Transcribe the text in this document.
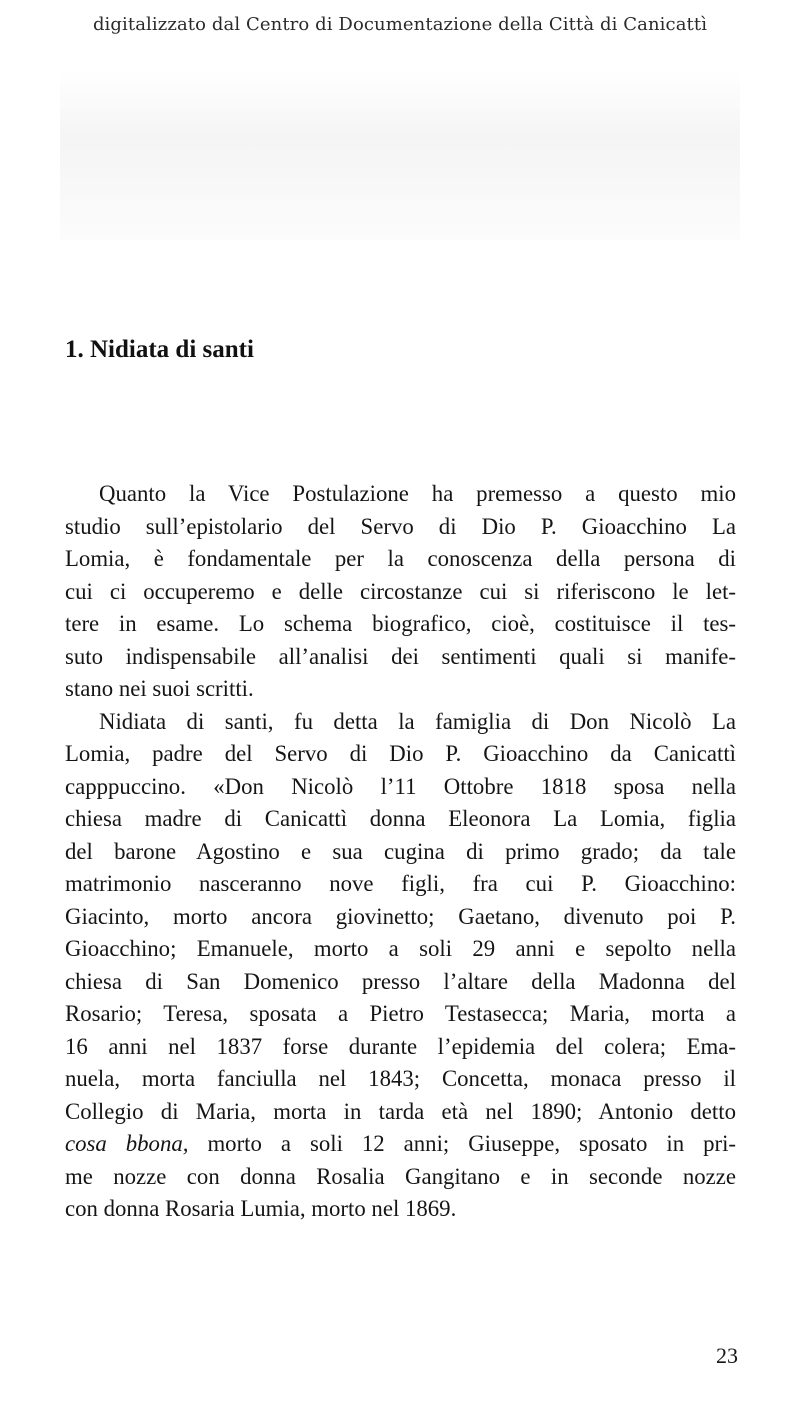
digitalizzato dal Centro di Documentazione della Città di Canicattì
1. Nidiata di santi
Quanto la Vice Postulazione ha premesso a questo mio
studio sull’epistolario del Servo di Dio P. Gioacchino La
Lomia, è fondamentale per la conoscenza della persona di
cui ci occuperemo e delle circostanze cui si riferiscono le let-
tere in esame. Lo schema biografico, cioè, costituisce il tes-
suto indispensabile all’analisi dei sentimenti quali si manife-
stano nei suoi scritti.
Nidiata di santi, fu detta la famiglia di Don Nicolò La
Lomia, padre del Servo di Dio P. Gioacchino da Canicattì
capppuccino. «Don Nicolò l’11 Ottobre 1818 sposa nella
chiesa madre di Canicattì donna Eleonora La Lomia, figlia
del barone Agostino e sua cugina di primo grado; da tale
matrimonio nasceranno nove figli, fra cui P. Gioacchino:
Giacinto, morto ancora giovinetto; Gaetano, divenuto poi P.
Gioacchino; Emanuele, morto a soli 29 anni e sepolto nella
chiesa di San Domenico presso l’altare della Madonna del
Rosario; Teresa, sposata a Pietro Testasecca; Maria, morta a
16 anni nel 1837 forse durante l’epidemia del colera; Ema-
nuela, morta fanciulla nel 1843; Concetta, monaca presso il
Collegio di Maria, morta in tarda età nel 1890; Antonio detto
cosa bbona, morto a soli 12 anni; Giuseppe, sposato in pri-
me nozze con donna Rosalia Gangitano e in seconde nozze
con donna Rosaria Lumia, morto nel 1869.
23
